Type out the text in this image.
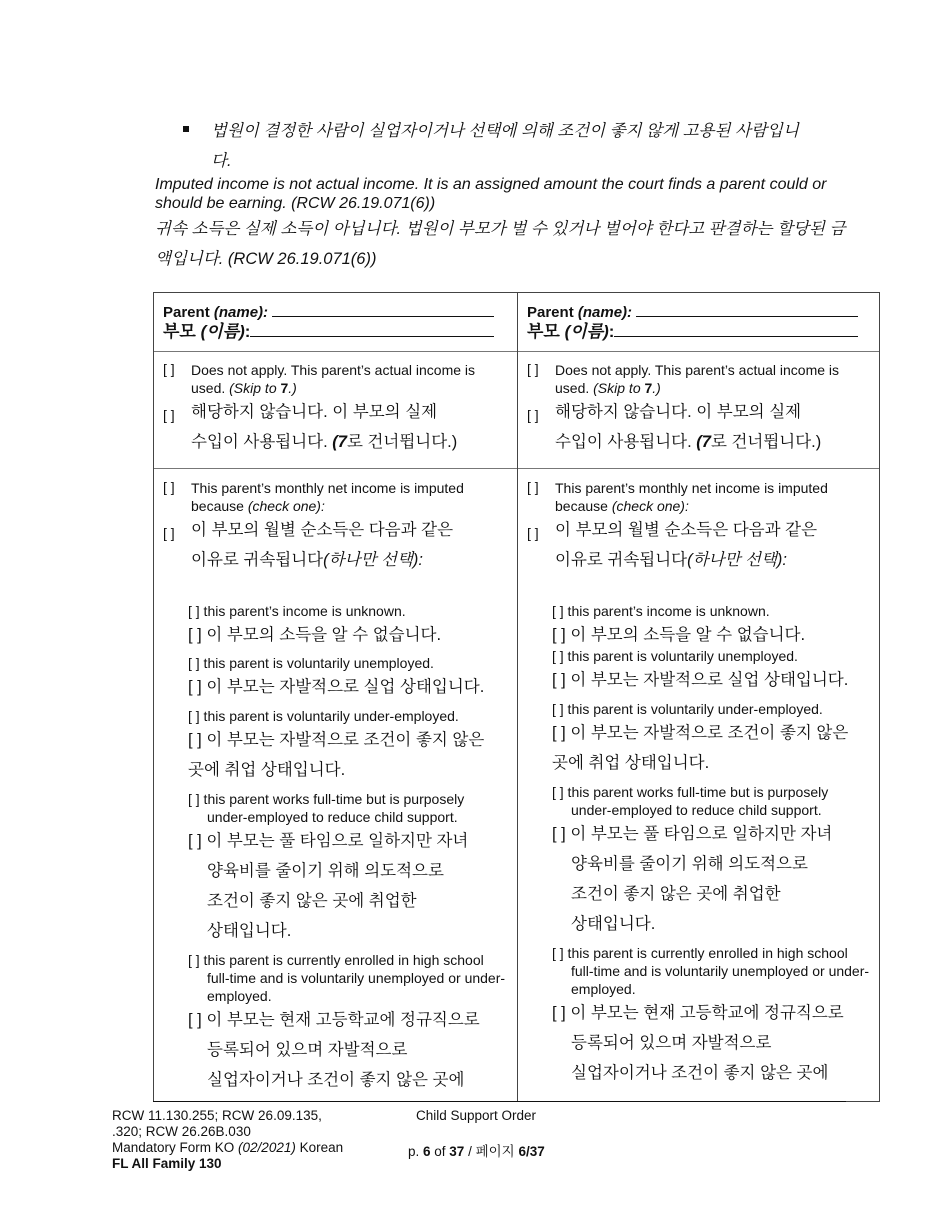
법원이 결정한 사람이 실업자이거나 선택에 의해 조건이 좋지 않게 고용된 사람입니다.
Imputed income is not actual income. It is an assigned amount the court finds a parent could or should be earning. (RCW 26.19.071(6))
귀속 소득은 실제 소득이 아닙니다. 법원이 부모가 벌 수 있거나 벌어야 한다고 판결하는 할당된 금액입니다. (RCW 26.19.071(6))
Parent (name):
부모 (이름):
[ ] Does not apply. This parent’s actual income is used. (Skip to 7.)
[ ] 해당하지 않습니다. 이 부모의 실제
수입이 사용됩니다. (7로 건너뜁니다.)
[ ] This parent’s monthly net income is imputed because (check one):
[ ] 이 부모의 월별 순소득은 다음과 같은
이유로 귀속됩니다(하나만 선택):
[ ] this parent’s income is unknown.
[ ] 이 부모의 소득을 알 수 없습니다.
[ ] this parent is voluntarily unemployed.
[ ] 이 부모는 자발적으로 실업 상태입니다.
[ ] this parent is voluntarily under-employed.
[ ] 이 부모는 자발적으로 조건이 좋지 않은
곳에 취업 상태입니다.
[ ] this parent works full-time but is purposely
under-employed to reduce child support.
[ ] 이 부모는 풀 타임으로 일하지만 자녀
양육비를 줄이기 위해 의도적으로
조건이 좋지 않은 곳에 취업한
상태입니다.
[ ] this parent is currently enrolled in high school
full-time and is voluntarily unemployed or under-
employed.
[ ] 이 부모는 현재 고등학교에 정규직으로
등록되어 있으며 자발적으로
실업자이거나 조건이 좋지 않은 곳에
Parent (name):
부모 (이름):
[ ] Does not apply. This parent’s actual income is used. (Skip to 7.)
[ ] 해당하지 않습니다. 이 부모의 실제
수입이 사용됩니다. (7로 건너뜁니다.)
[ ] This parent’s monthly net income is imputed because (check one):
[ ] 이 부모의 월별 순소득은 다음과 같은
이유로 귀속됩니다(하나만 선택):
[ ] this parent’s income is unknown.
[ ] 이 부모의 소득을 알 수 없습니다.
[ ] this parent is voluntarily unemployed.
[ ] 이 부모는 자발적으로 실업 상태입니다.
[ ] this parent is voluntarily under-employed.
[ ] 이 부모는 자발적으로 조건이 좋지 않은
곳에 취업 상태입니다.
[ ] this parent works full-time but is purposely
under-employed to reduce child support.
[ ] 이 부모는 풀 타임으로 일하지만 자녀
양육비를 줄이기 위해 의도적으로
조건이 좋지 않은 곳에 취업한
상태입니다.
[ ] this parent is currently enrolled in high school
full-time and is voluntarily unemployed or under-
employed.
[ ] 이 부모는 현재 고등학교에 정규직으로
등록되어 있으며 자발적으로
실업자이거나 조건이 좋지 않은 곳에
RCW 11.130.255; RCW 26.09.135,
.320; RCW 26.26B.030
Mandatory Form KO (02/2021) Korean
FL All Family 130
Child Support Order
p. 6 of 37 / 페이지 6/37
